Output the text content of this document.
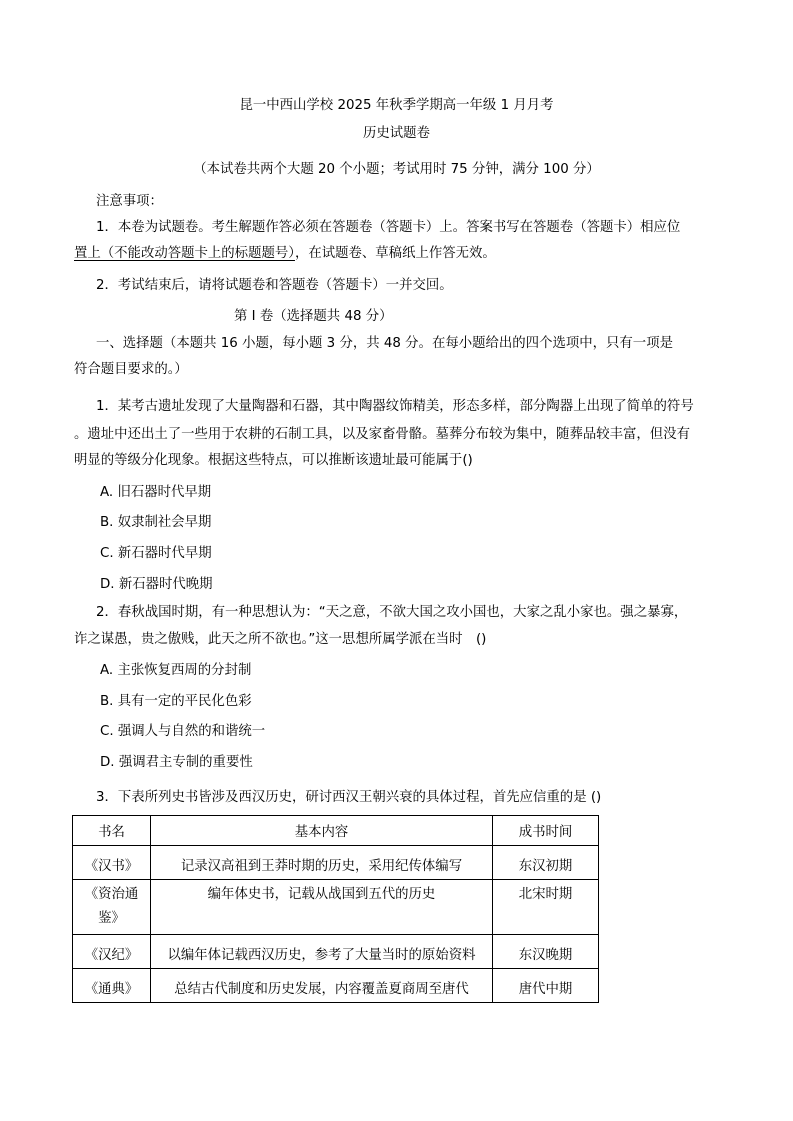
昆一中西山学校 2025 年秋季学期高一年级 1 月月考
历史试题卷
（本试卷共两个大题 20 个小题；考试用时 75 分钟，满分 100 分）
注意事项：
1．本卷为试题卷。考生解题作答必须在答题卷（答题卡）上。答案书写在答题卷（答题卡）相应位
置上（不能改动答题卡上的标题题号），在试题卷、草稿纸上作答无效。
2．考试结束后，请将试题卷和答题卷（答题卡）一并交回。
第 I 卷（选择题共 48 分）
一、选择题（本题共 16 小题，每小题 3 分，共 48 分。在每小题给出的四个选项中，只有一项是
符合题目要求的。）
1．某考古遗址发现了大量陶器和石器，其中陶器纹饰精美，形态多样，部分陶器上出现了简单的符号
。遗址中还出土了一些用于农耕的石制工具，以及家畜骨骼。墓葬分布较为集中，随葬品较丰富，但没有
明显的等级分化现象。根据这些特点，可以推断该遗址最可能属于()
A. 旧石器时代早期
B. 奴隶制社会早期
C. 新石器时代早期
D. 新石器时代晚期
2．春秋战国时期，有一种思想认为：“天之意，不欲大国之攻小国也，大家之乱小家也。强之暴寡，
诈之谋愚，贵之傲贱，此天之所不欲也。”这一思想所属学派在当时　()
A. 主张恢复西周的分封制
B. 具有一定的平民化色彩
C. 强调人与自然的和谐统一
D. 强调君主专制的重要性
3．下表所列史书皆涉及西汉历史，研讨西汉王朝兴衰的具体过程，首先应信重的是 ()
书名	基本内容	成书时间
《汉书》	记录汉高祖到王莽时期的历史，采用纪传体编写	东汉初期
《资治通鉴》	编年体史书，记载从战国到五代的历史	北宋时期
《汉纪》	以编年体记载西汉历史，参考了大量当时的原始资料	东汉晚期
《通典》	总结古代制度和历史发展，内容覆盖夏商周至唐代	唐代中期
